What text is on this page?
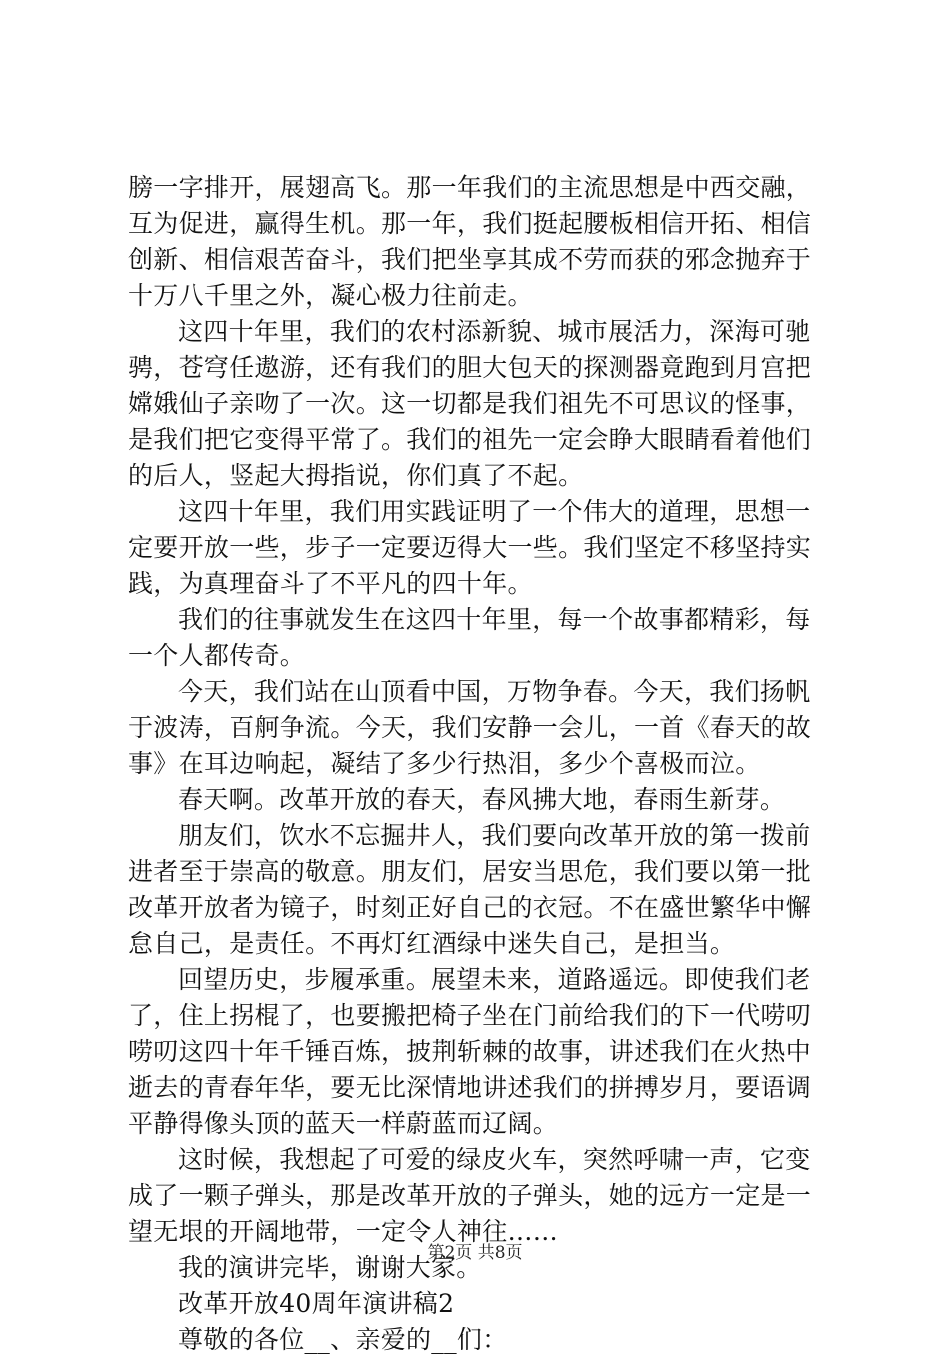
膀一字排开，展翅高飞。那一年我们的主流思想是中西交融，
互为促进，赢得生机。那一年，我们挺起腰板相信开拓、相信
创新、相信艰苦奋斗，我们把坐享其成不劳而获的邪念抛弃于
十万八千里之外，凝心极力往前走。
这四十年里，我们的农村添新貌、城市展活力，深海可驰
骋，苍穹任遨游，还有我们的胆大包天的探测器竟跑到月宫把
嫦娥仙子亲吻了一次。这一切都是我们祖先不可思议的怪事，
是我们把它变得平常了。我们的祖先一定会睁大眼睛看着他们
的后人，竖起大拇指说，你们真了不起。
这四十年里，我们用实践证明了一个伟大的道理，思想一
定要开放一些，步子一定要迈得大一些。我们坚定不移坚持实
践，为真理奋斗了不平凡的四十年。
我们的往事就发生在这四十年里，每一个故事都精彩，每
一个人都传奇。
今天，我们站在山顶看中国，万物争春。今天，我们扬帆
于波涛，百舸争流。今天，我们安静一会儿，一首《春天的故
事》在耳边响起，凝结了多少行热泪，多少个喜极而泣。
春天啊。改革开放的春天，春风拂大地，春雨生新芽。
朋友们，饮水不忘掘井人，我们要向改革开放的第一拨前
进者至于崇高的敬意。朋友们，居安当思危，我们要以第一批
改革开放者为镜子，时刻正好自己的衣冠。不在盛世繁华中懈
怠自己，是责任。不再灯红酒绿中迷失自己，是担当。
回望历史，步履承重。展望未来，道路遥远。即使我们老
了，住上拐棍了，也要搬把椅子坐在门前给我们的下一代唠叨
唠叨这四十年千锤百炼，披荆斩棘的故事，讲述我们在火热中
逝去的青春年华，要无比深情地讲述我们的拼搏岁月，要语调
平静得像头顶的蓝天一样蔚蓝而辽阔。
这时候，我想起了可爱的绿皮火车，突然呼啸一声，它变
成了一颗子弹头，那是改革开放的子弹头，她的远方一定是一
望无垠的开阔地带，一定令人神往……
我的演讲完毕，谢谢大家。
改革开放40周年演讲稿2
尊敬的各位__、亲爱的__们：
第2页 共8页
